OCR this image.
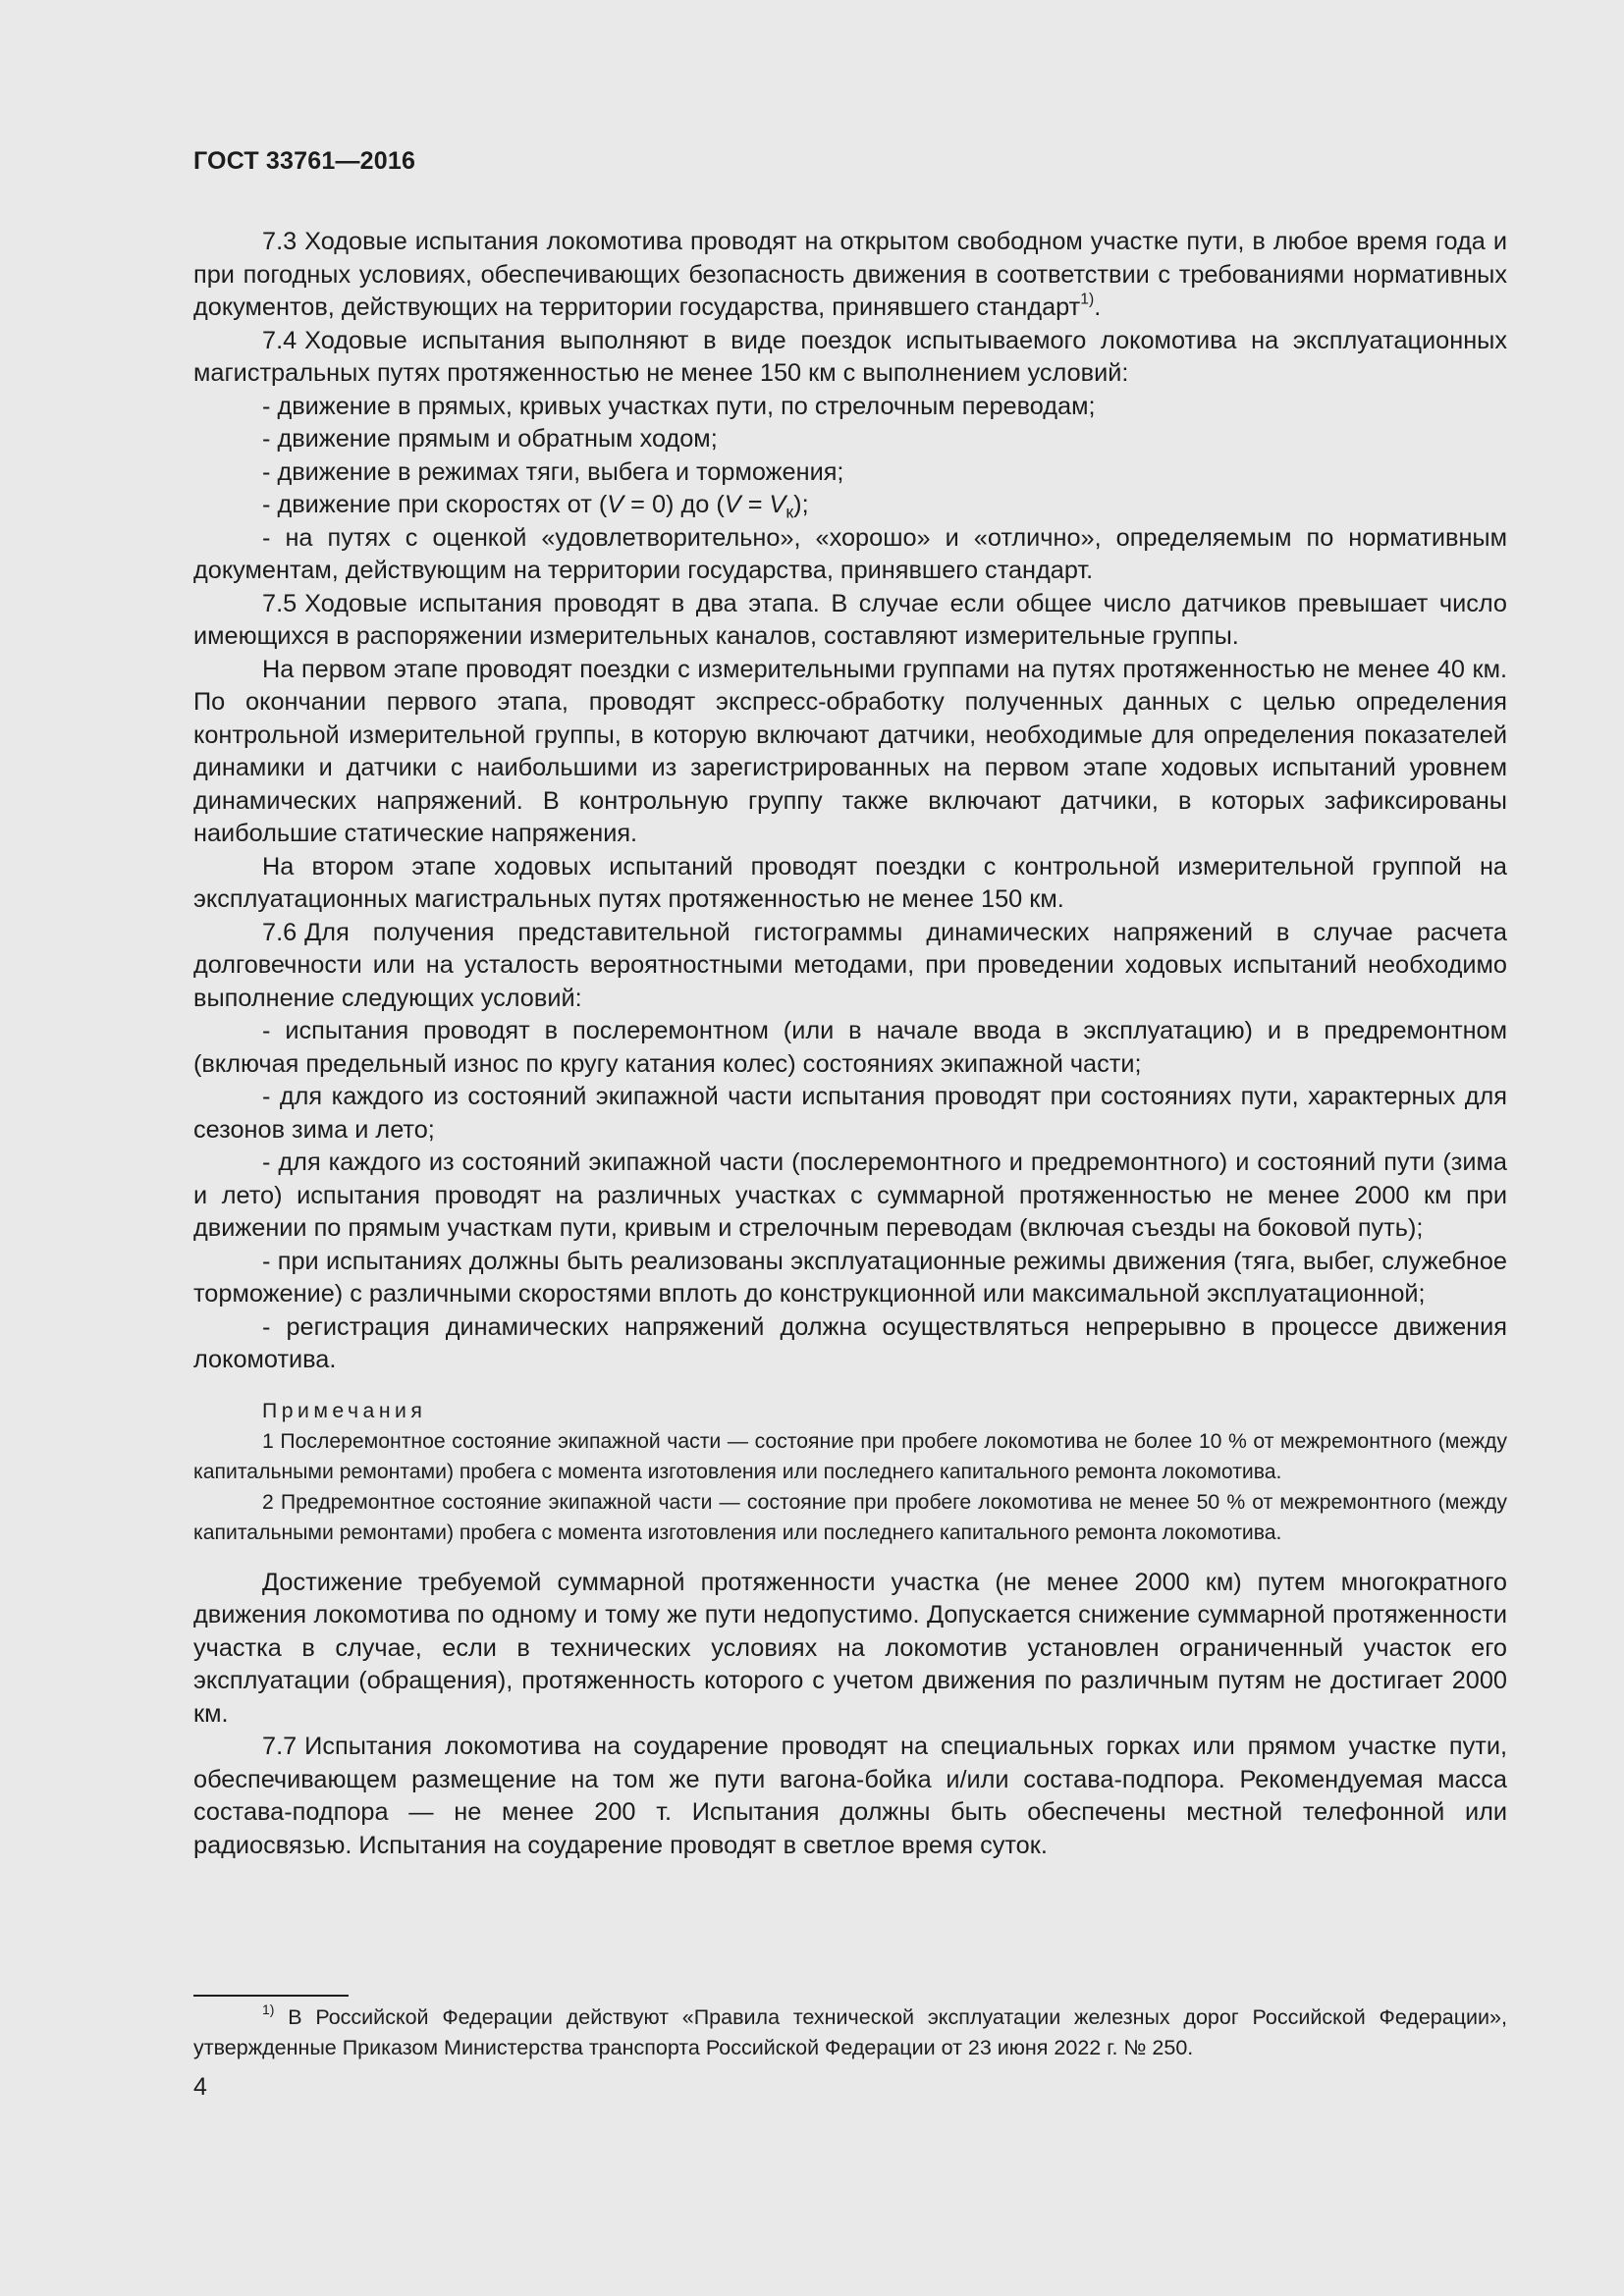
ГОСТ 33761—2016

7.3 Ходовые испытания локомотива проводят на открытом свободном участке пути, в любое время года и при погодных условиях, обеспечивающих безопасность движения в соответствии с требованиями нормативных документов, действующих на территории государства, принявшего стандарт$^{1)}$.

7.4 Ходовые испытания выполняют в виде поездок испытываемого локомотива на эксплуатационных магистральных путях протяженностью не менее 150 км с выполнением условий:

- движение в прямых, кривых участках пути, по стрелочным переводам;

- движение прямым и обратным ходом;

- движение в режимах тяги, выбега и торможения;

- движение при скоростях от (V = 0) до $(V = V_к)$;

- на путях с оценкой «удовлетворительно», «хорошо» и «отлично», определяемым по нормативным документам, действующим на территории государства, принявшего стандарт.

7.5 Ходовые испытания проводят в два этапа. В случае если общее число датчиков превышает число имеющихся в распоряжении измерительных каналов, составляют измерительные группы.

На первом этапе проводят поездки с измерительными группами на путях протяженностью не менее 40 км. По окончании первого этапа, проводят экспресс-обработку полученных данных с целью определения контрольной измерительной группы, в которую включают датчики, необходимые для определения показателей динамики и датчики с наибольшими из зарегистрированных на первом этапе ходовых испытаний уровнем динамических напряжений. В контрольную группу также включают датчики, в которых зафиксированы наибольшие статические напряжения.

На втором этапе ходовых испытаний проводят поездки с контрольной измерительной группой на эксплуатационных магистральных путях протяженностью не менее 150 км.

7.6 Для получения представительной гистограммы динамических напряжений в случае расчета долговечности или на усталость вероятностными методами, при проведении ходовых испытаний необходимо выполнение следующих условий:

- испытания проводят в послеремонтном (или в начале ввода в эксплуатацию) и в предремонтном (включая предельный износ по кругу катания колес) состояниях экипажной части;

- для каждого из состояний экипажной части испытания проводят при состояниях пути, характерных для сезонов зима и лето;

- для каждого из состояний экипажной части (послеремонтного и предремонтного) и состояний пути (зима и лето) испытания проводят на различных участках с суммарной протяженностью не менее 2000 км при движении по прямым участкам пути, кривым и стрелочным переводам (включая съезды на боковой путь);

- при испытаниях должны быть реализованы эксплуатационные режимы движения (тяга, выбег, служебное торможение) с различными скоростями вплоть до конструкционной или максимальной эксплуатационной;

- регистрация динамических напряжений должна осуществляться непрерывно в процессе движения локомотива.

Примечания

1 Послеремонтное состояние экипажной части — состояние при пробеге локомотива не более 10 % от межремонтного (между капитальными ремонтами) пробега с момента изготовления или последнего капитального ремонта локомотива.

2 Предремонтное состояние экипажной части — состояние при пробеге локомотива не менее 50 % от межремонтного (между капитальными ремонтами) пробега с момента изготовления или последнего капитального ремонта локомотива.

Достижение требуемой суммарной протяженности участка (не менее 2000 км) путем многократного движения локомотива по одному и тому же пути недопустимо. Допускается снижение суммарной протяженности участка в случае, если в технических условиях на локомотив установлен ограниченный участок его эксплуатации (обращения), протяженность которого с учетом движения по различным путям не достигает 2000 км.

7.7 Испытания локомотива на соударение проводят на специальных горках или прямом участке пути, обеспечивающем размещение на том же пути вагона-бойка и/или состава-подпора. Рекомендуемая масса состава-подпора — не менее 200 т. Испытания должны быть обеспечены местной телефонной или радиосвязью. Испытания на соударение проводят в светлое время суток.

$^{1)}$ В Российской Федерации действуют «Правила технической эксплуатации железных дорог Российской Федерации», утвержденные Приказом Министерства транспорта Российской Федерации от 23 июня 2022 г. № 250.

4
